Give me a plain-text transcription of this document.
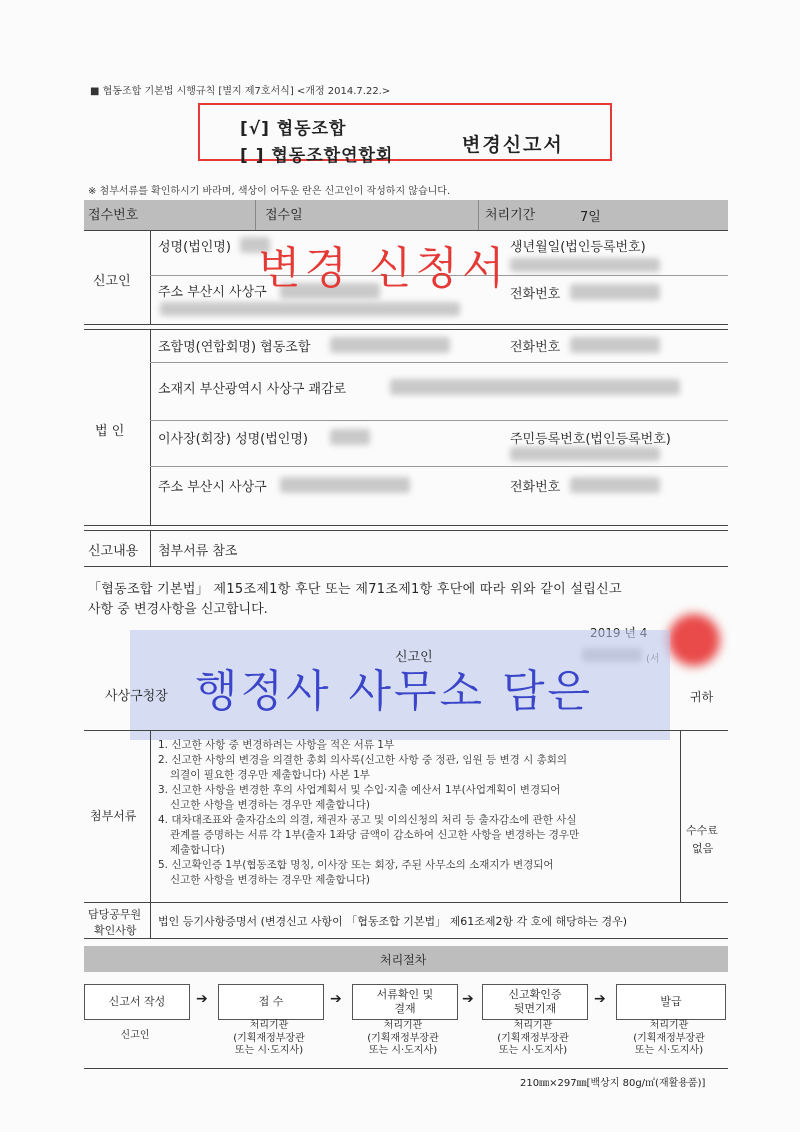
■ 협동조합 기본법 시행규칙 [별지 제7호서식] <개정 2014.7.22.>
[√] 협동조합
[ ] 협동조합연합회	변경신고서
※ 첨부서류를 확인하시기 바라며, 색상이 어두운 란은 신고인이 작성하지 않습니다.
접수번호	접수일	처리기간	7일
신고인
성명(법인명)	생년월일(법인등록번호)
주소 부산시 사상구	전화번호
변경 신청서
법 인
조합명(연합회명) 협동조합	전화번호
소재지 부산광역시 사상구 괘감로
이사장(회장) 성명(법인명)	주민등록번호(법인등록번호)
주소 부산시 사상구	전화번호
신고내용 첨부서류 참조
「협동조합 기본법」 제15조제1항 후단 또는 제71조제1항 후단에 따라 위와 같이 설립신고
사항 중 변경사항을 신고합니다.
신고인
행정사 사무소 담은
사상구청장	귀하
첨부서류
1. 신고한 사항 중 변경하려는 사항을 적은 서류 1부
2. 신고한 사항의 변경을 의결한 총회 의사록(신고한 사항 중 정관, 임원 등 변경 시 총회의
의결이 필요한 경우만 제출합니다) 사본 1부
3. 신고한 사항을 변경한 후의 사업계획서 및 수입·지출 예산서 1부(사업계획이 변경되어
신고한 사항을 변경하는 경우만 제출합니다)
4. 대차대조표와 출자감소의 의결, 채권자 공고 및 이의신청의 처리 등 출자감소에 관한 사실
관계를 증명하는 서류 각 1부(출자 1좌당 금액이 감소하여 신고한 사항을 변경하는 경우만
제출합니다)
5. 신고확인증 1부(협동조합 명칭, 이사장 또는 회장, 주된 사무소의 소재지가 변경되어
신고한 사항을 변경하는 경우만 제출합니다)
수수료
없음
담당공무원
확인사항
법인 등기사항증명서 (변경신고 사항이 「협동조합 기본법」 제61조제2항 각 호에 해당하는 경우)
처리절차
신고서 작성 ➔	접 수	➔	서류확인 및
결재
➔	신고확인증
뒷면기재
➔	발급
신고인
처리기관
(기획재정부장관
또는 시·도지사)
처리기관
(기획재정부장관
또는 시·도지사)
처리기관
(기획재정부장관
또는 시·도지사)
처리기관
(기획재정부장관
또는 시·도지사)
210㎜×297㎜[백상지 80g/㎡(재활용품)]
